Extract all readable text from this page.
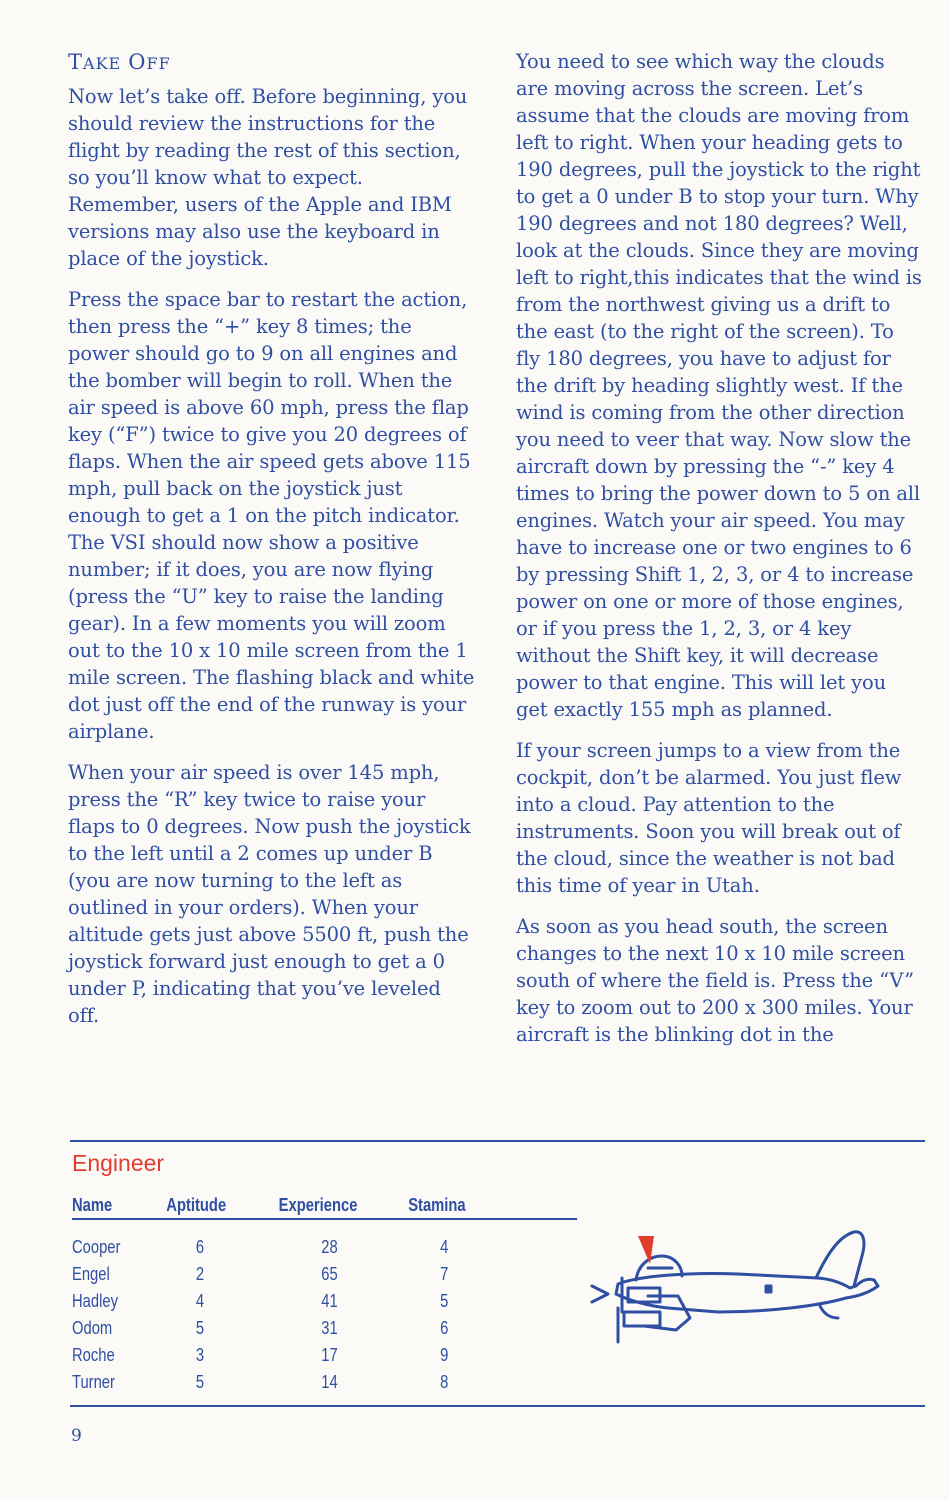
TAKE OFF

Now let’s take off. Before beginning, you should review the instructions for the flight by reading the rest of this section, so you’ll know what to expect. Remember, users of the Apple and IBM versions may also use the keyboard in place of the joystick.

Press the space bar to restart the action, then press the “+” key 8 times; the power should go to 9 on all engines and the bomber will begin to roll. When the air speed is above 60 mph, press the flap key (“F”) twice to give you 20 degrees of flaps. When the air speed gets above 115 mph, pull back on the joystick just enough to get a 1 on the pitch indicator. The VSI should now show a positive number; if it does, you are now flying (press the “U” key to raise the landing gear). In a few moments you will zoom out to the 10 x 10 mile screen from the 1 mile screen. The flashing black and white dot just off the end of the runway is your airplane.

When your air speed is over 145 mph, press the “R” key twice to raise your flaps to 0 degrees. Now push the joystick to the left until a 2 comes up under B (you are now turning to the left as outlined in your orders). When your altitude gets just above 5500 ft, push the joystick forward just enough to get a 0 under P, indicating that you’ve leveled off.

You need to see which way the clouds are moving across the screen. Let’s assume that the clouds are moving from left to right. When your heading gets to 190 degrees, pull the joystick to the right to get a 0 under B to stop your turn. Why 190 degrees and not 180 degrees? Well, look at the clouds. Since they are moving left to right,this indicates that the wind is from the northwest giving us a drift to the east (to the right of the screen). To fly 180 degrees, you have to adjust for the drift by heading slightly west. If the wind is coming from the other direction you need to veer that way. Now slow the aircraft down by pressing the “-” key 4 times to bring the power down to 5 on all engines. Watch your air speed. You may have to increase one or two engines to 6 by pressing Shift 1, 2, 3, or 4 to increase power on one or more of those engines, or if you press the 1, 2, 3, or 4 key without the Shift key, it will decrease power to that engine. This will let you get exactly 155 mph as planned.

If your screen jumps to a view from the cockpit, don’t be alarmed. You just flew into a cloud. Pay attention to the instruments. Soon you will break out of the cloud, since the weather is not bad this time of year in Utah.

As soon as you head south, the screen changes to the next 10 x 10 mile screen south of where the field is. Press the “V” key to zoom out to 200 x 300 miles. Your aircraft is the blinking dot in the

Engineer
Name	Aptitude	Experience	Stamina
Cooper	6	28	4
Engel	2	65	7
Hadley	4	41	5
Odom	5	31	6
Roche	3	17	9
Turner	5	14	8
9
